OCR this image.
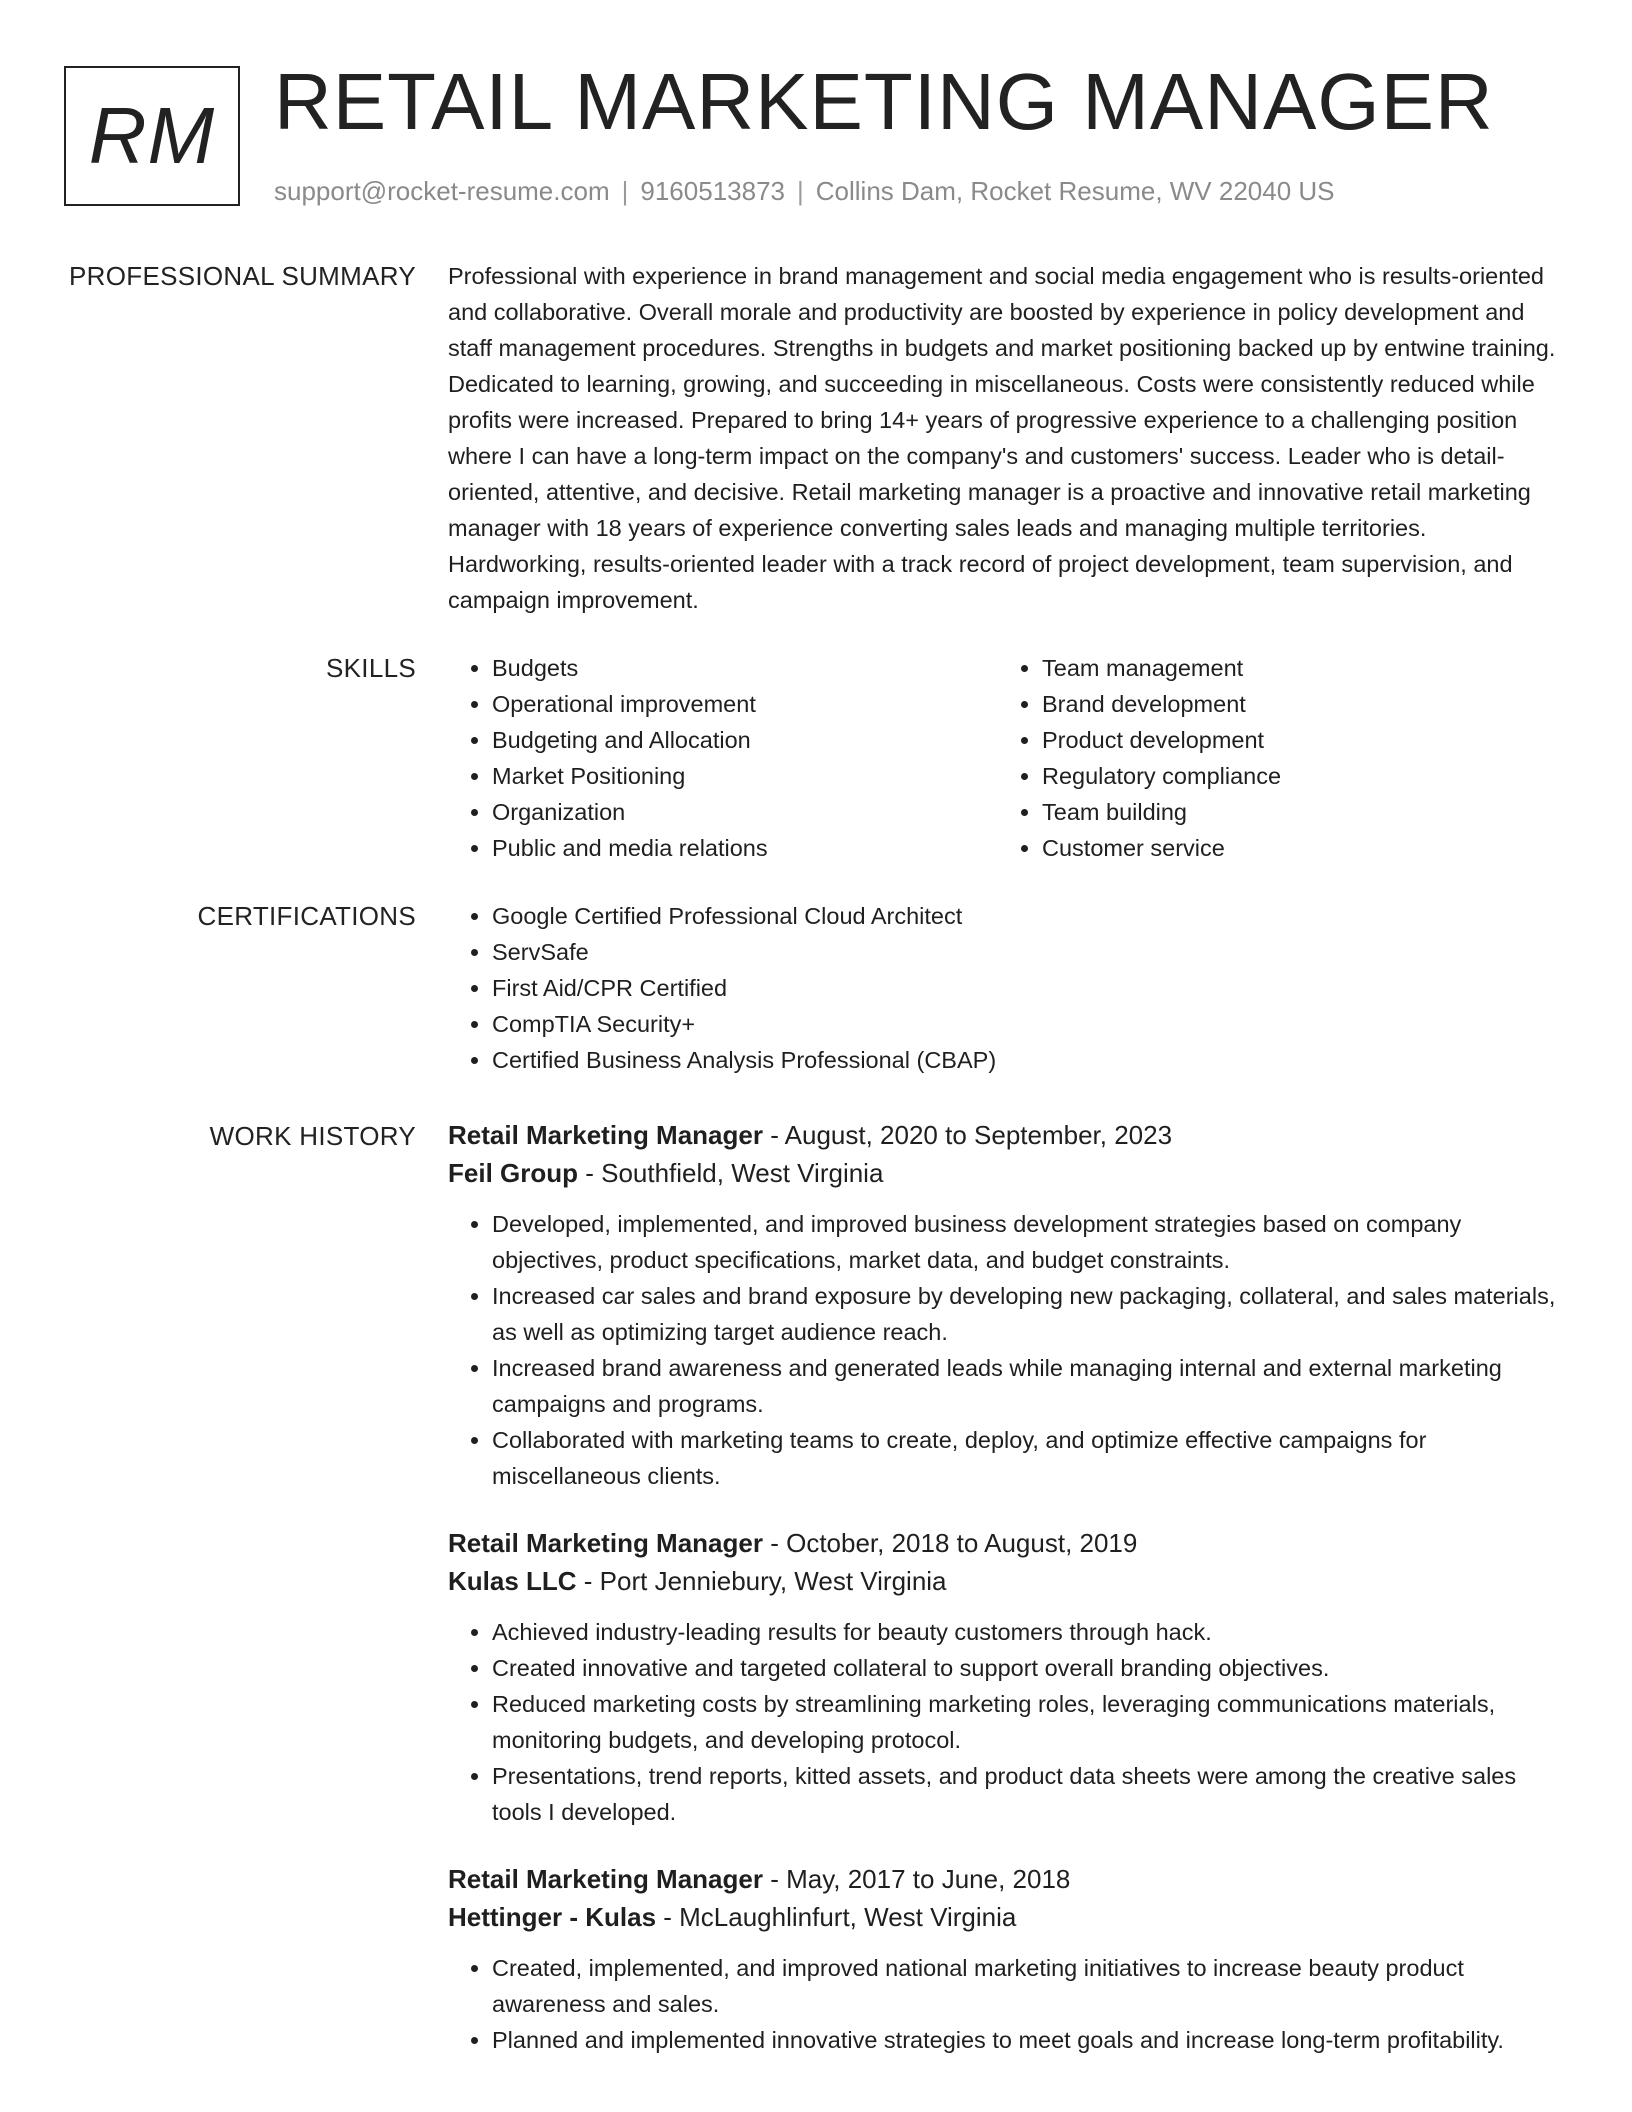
RM RETAIL MARKETING MANAGER
support@rocket-resume.com | 9160513873 | Collins Dam, Rocket Resume, WV 22040 US
PROFESSIONAL SUMMARY Professional with experience in brand management and social media engagement who is results-oriented and collaborative. Overall morale and productivity are boosted by experience in policy development and staff management procedures. Strengths in budgets and market positioning backed up by entwine training. Dedicated to learning, growing, and succeeding in miscellaneous. Costs were consistently reduced while profits were increased. Prepared to bring 14+ years of progressive experience to a challenging position where I can have a long-term impact on the company's and customers' success. Leader who is detail-oriented, attentive, and decisive. Retail marketing manager is a proactive and innovative retail marketing manager with 18 years of experience converting sales leads and managing multiple territories. Hardworking, results-oriented leader with a track record of project development, team supervision, and campaign improvement.

SKILLS	• Budgets
• Operational improvement
• Budgeting and Allocation
• Market Positioning
• Organization
• Public and media relations
• Team management
• Brand development
• Product development
• Regulatory compliance
• Team building
• Customer service
CERTIFICATIONS	• Google Certified Professional Cloud Architect
• ServSafe
• First Aid/CPR Certified
• CompTIA Security+
• Certified Business Analysis Professional (CBAP)
WORK HISTORY Retail Marketing Manager - August, 2020 to September, 2023
Feil Group - Southfield, West Virginia
• Developed, implemented, and improved business development strategies based on company objectives, product specifications, market data, and budget constraints.
• Increased car sales and brand exposure by developing new packaging, collateral, and sales materials, as well as optimizing target audience reach.
• Increased brand awareness and generated leads while managing internal and external marketing campaigns and programs.
• Collaborated with marketing teams to create, deploy, and optimize effective campaigns for miscellaneous clients.
Retail Marketing Manager - October, 2018 to August, 2019
Kulas LLC - Port Jenniebury, West Virginia
• Achieved industry-leading results for beauty customers through hack.
• Created innovative and targeted collateral to support overall branding objectives.
• Reduced marketing costs by streamlining marketing roles, leveraging communications materials, monitoring budgets, and developing protocol.
• Presentations, trend reports, kitted assets, and product data sheets were among the creative sales tools I developed.
Retail Marketing Manager - May, 2017 to June, 2018
Hettinger - Kulas - McLaughlinfurt, West Virginia
• Created, implemented, and improved national marketing initiatives to increase beauty product awareness and sales.
• Planned and implemented innovative strategies to meet goals and increase long-term profitability.
